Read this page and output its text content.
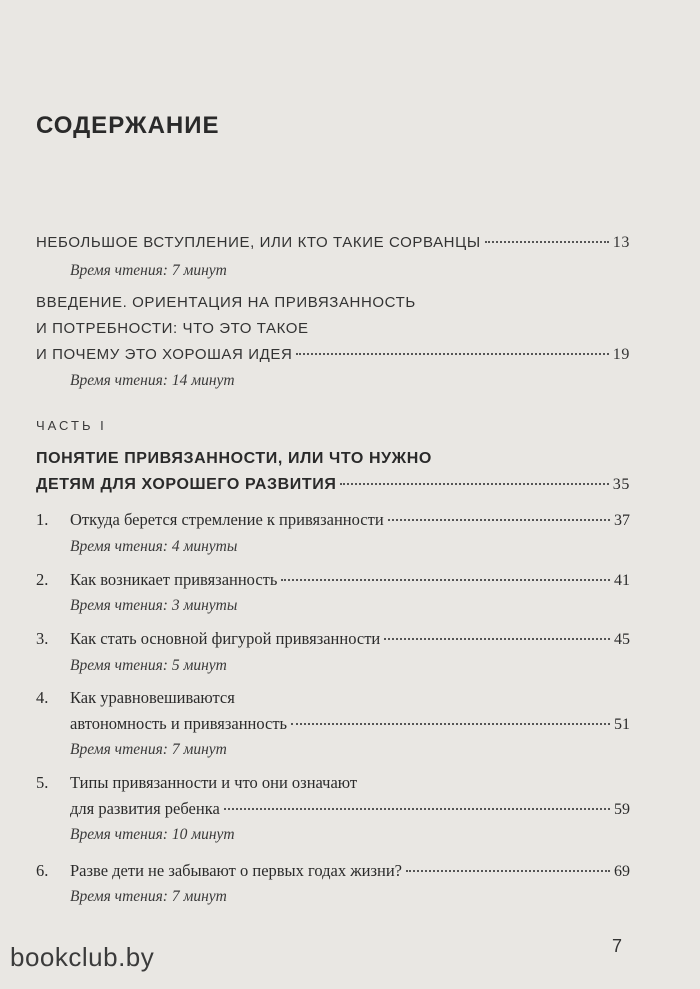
СОДЕРЖАНИЕ
НЕБОЛЬШОЕ ВСТУПЛЕНИЕ, ИЛИ КТО ТАКИЕ СОРВАНЦЫ	13
Время чтения: 7 минут
ВВЕДЕНИЕ. ОРИЕНТАЦИЯ НА ПРИВЯЗАННОСТЬ
И ПОТРЕБНОСТИ: ЧТО ЭТО ТАКОЕ
И ПОЧЕМУ ЭТО ХОРОШАЯ ИДЕЯ	19
Время чтения: 14 минут
ЧАСТЬ I
ПОНЯТИЕ ПРИВЯЗАННОСТИ, ИЛИ ЧТО НУЖНО
ДЕТЯМ ДЛЯ ХОРОШЕГО РАЗВИТИЯ	35
1. Откуда берется стремление к привязанности	37
Время чтения: 4 минуты
2. Как возникает привязанность	41
Время чтения: 3 минуты
3. Как стать основной фигурой привязанности	45
Время чтения: 5 минут
4. Как уравновешиваются
автономность и привязанность	51
Время чтения: 7 минут
5. Типы привязанности и что они означают
для развития ребенка	59
Время чтения: 10 минут
6. Разве дети не забывают о первых годах жизни?	69
Время чтения: 7 минут
bookclub.by	7
